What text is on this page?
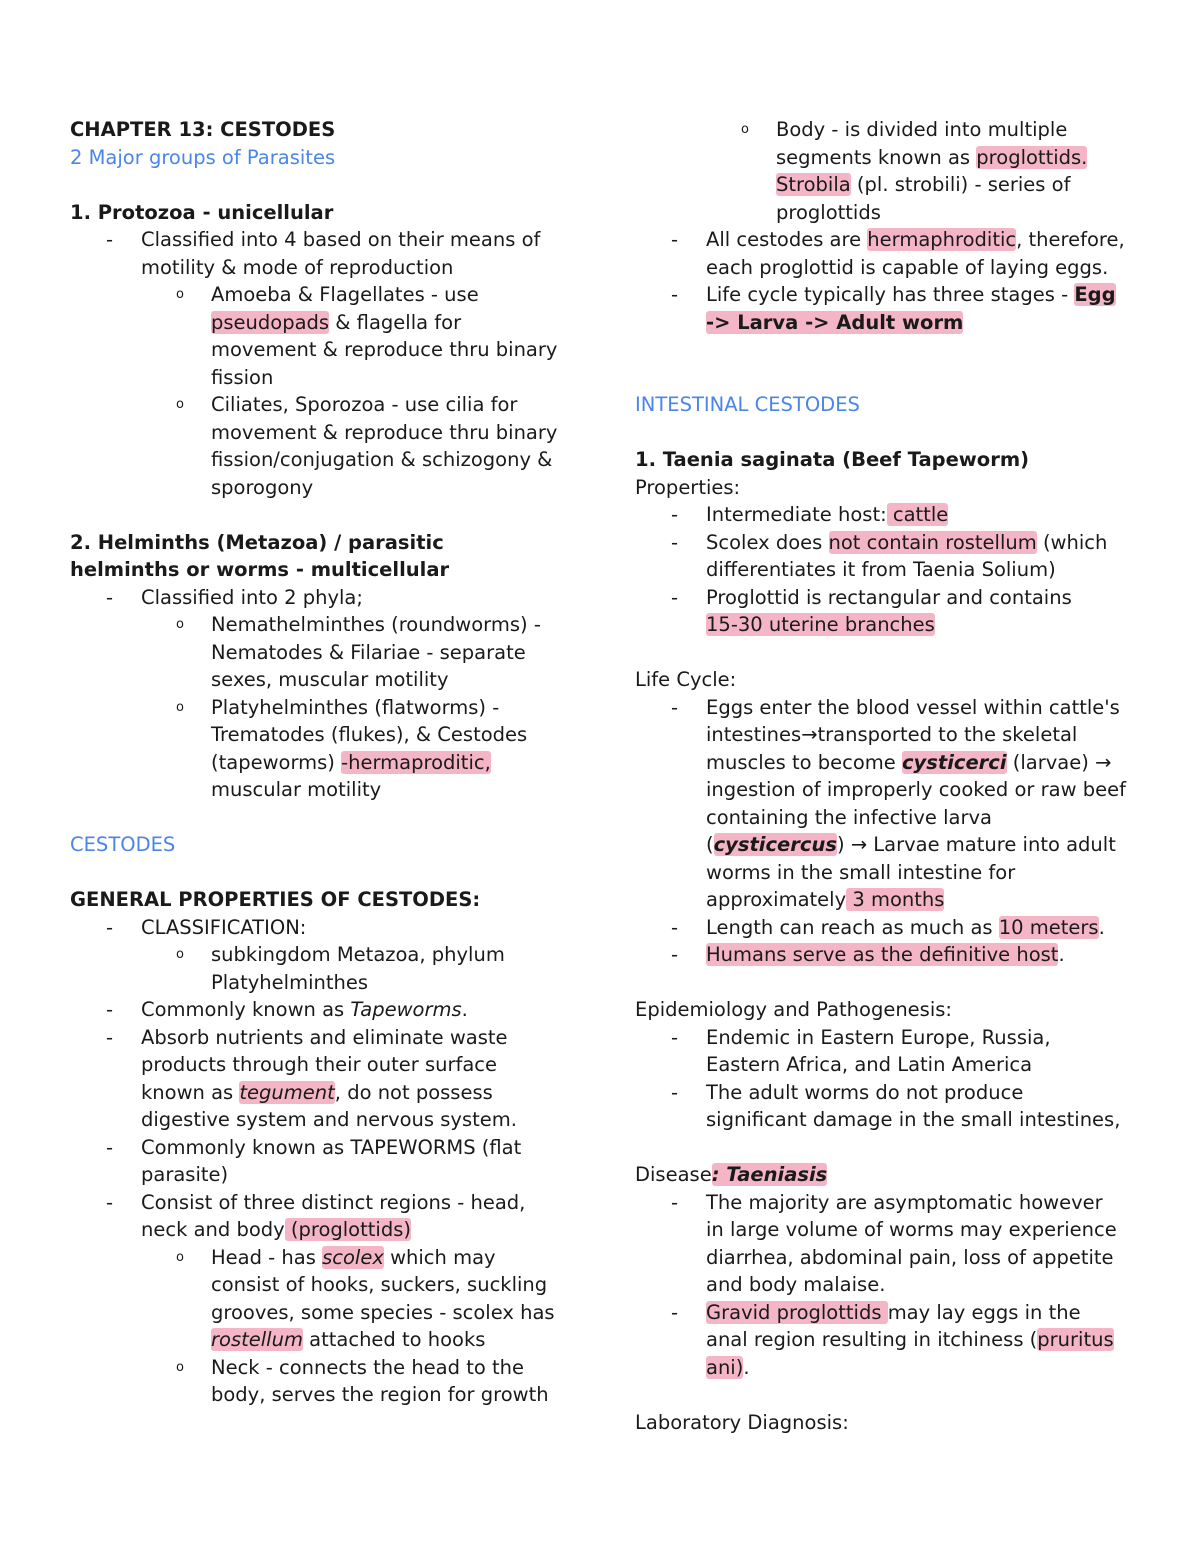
CHAPTER 13: CESTODES
2 Major groups of Parasites
1. Protozoa - unicellular
-	Classified into 4 based on their means of
motility & mode of reproduction
o	Amoeba & Flagellates - use
pseudopads & flagella for
movement & reproduce thru binary
fission
o	Ciliates, Sporozoa - use cilia for
movement & reproduce thru binary
fission/conjugation & schizogony &
sporogony
2. Helminths (Metazoa) / parasitic
helminths or worms - multicellular
-	Classified into 2 phyla;
o	Nemathelminthes (roundworms) -
Nematodes & Filariae - separate
sexes, muscular motility
o	Platyhelminthes (flatworms) -
Trematodes (flukes), & Cestodes
(tapeworms) -hermaproditic,
muscular motility
CESTODES
GENERAL PROPERTIES OF CESTODES:
-	CLASSIFICATION:
o	subkingdom Metazoa, phylum
Platyhelminthes
-	Commonly known as Tapeworms.
-	Absorb nutrients and eliminate waste
products through their outer surface
known as tegument, do not possess
digestive system and nervous system.
-	Commonly known as TAPEWORMS (flat
parasite)
-	Consist of three distinct regions - head,
neck and body (proglottids)
o	Head - has scolex which may
consist of hooks, suckers, suckling
grooves, some species - scolex has
rostellum attached to hooks
o	Neck - connects the head to the
body, serves the region for growth
o	Body - is divided into multiple
segments known as proglottids.
Strobila (pl. strobili) - series of
proglottids
-	All cestodes are hermaphroditic, therefore,
each proglottid is capable of laying eggs.
-	Life cycle typically has three stages - Egg
-> Larva -> Adult worm
INTESTINAL CESTODES
1. Taenia saginata (Beef Tapeworm)
Properties:
-	Intermediate host: cattle
-	Scolex does not contain rostellum (which
differentiates it from Taenia Solium)
-	Proglottid is rectangular and contains
15-30 uterine branches
Life Cycle:
-	Eggs enter the blood vessel within cattle's
intestines→transported to the skeletal
muscles to become cysticerci (larvae) →
ingestion of improperly cooked or raw beef
containing the infective larva
(cysticercus) → Larvae mature into adult
worms in the small intestine for
approximately 3 months
-	Length can reach as much as 10 meters.
-	Humans serve as the definitive host.
Epidemiology and Pathogenesis:
-	Endemic in Eastern Europe, Russia,
Eastern Africa, and Latin America
-	The adult worms do not produce
significant damage in the small intestines,
Disease: Taeniasis
-	The majority are asymptomatic however
in large volume of worms may experience
diarrhea, abdominal pain, loss of appetite
and body malaise.
-	Gravid proglottids may lay eggs in the
anal region resulting in itchiness (pruritus
ani).
Laboratory Diagnosis:
